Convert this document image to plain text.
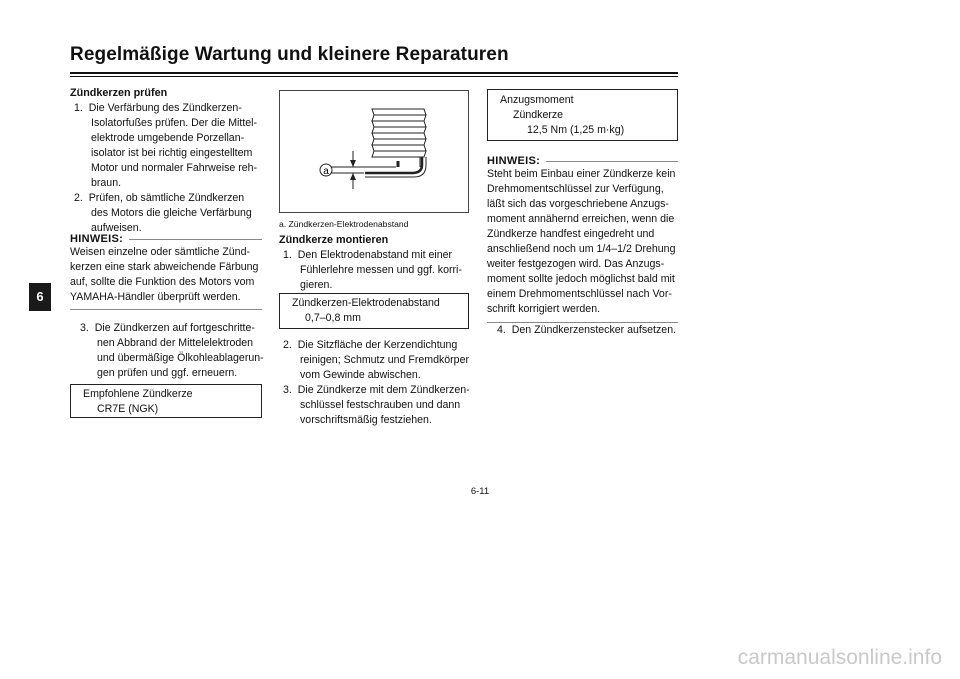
Regelmäßige Wartung und kleinere Reparaturen
6
Zündkerzen prüfen
1. Die Verfärbung des Zündkerzen-
Isolatorfußes prüfen. Der die Mittel-
elektrode umgebende Porzellan-
isolator ist bei richtig eingestelltem
Motor und normaler Fahrweise reh-
braun.
2. Prüfen, ob sämtliche Zündkerzen
des Motors die gleiche Verfärbung
aufweisen.
HINWEIS:
Weisen einzelne oder sämtliche Zünd-
kerzen eine stark abweichende Färbung
auf, sollte die Funktion des Motors vom
YAMAHA-Händler überprüft werden.
3. Die Zündkerzen auf fortgeschritte-
nen Abbrand der Mittelelektroden
und übermäßige Ölkohleablagerun-
gen prüfen und ggf. erneuern.
Empfohlene Zündkerze
CR7E (NGK)
a
a. Zündkerzen-Elektrodenabstand
Zündkerze montieren
1. Den Elektrodenabstand mit einer
Fühlerlehre messen und ggf. korri-
gieren.
Zündkerzen-Elektrodenabstand
0,7–0,8 mm
2. Die Sitzfläche der Kerzendichtung
reinigen; Schmutz und Fremdkörper
vom Gewinde abwischen.
3. Die Zündkerze mit dem Zündkerzen-
schlüssel festschrauben und dann
vorschriftsmäßig festziehen.
Anzugsmoment
Zündkerze
12,5 Nm (1,25 m·kg)
HINWEIS:
Steht beim Einbau einer Zündkerze kein
Drehmomentschlüssel zur Verfügung,
läßt sich das vorgeschriebene Anzugs-
moment annähernd erreichen, wenn die
Zündkerze handfest eingedreht und
anschließend noch um 1/4–1/2 Drehung
weiter festgezogen wird. Das Anzugs-
moment sollte jedoch möglichst bald mit
einem Drehmomentschlüssel nach Vor-
schrift korrigiert werden.
4. Den Zündkerzenstecker aufsetzen.
6-11
carmanualsonline.info
